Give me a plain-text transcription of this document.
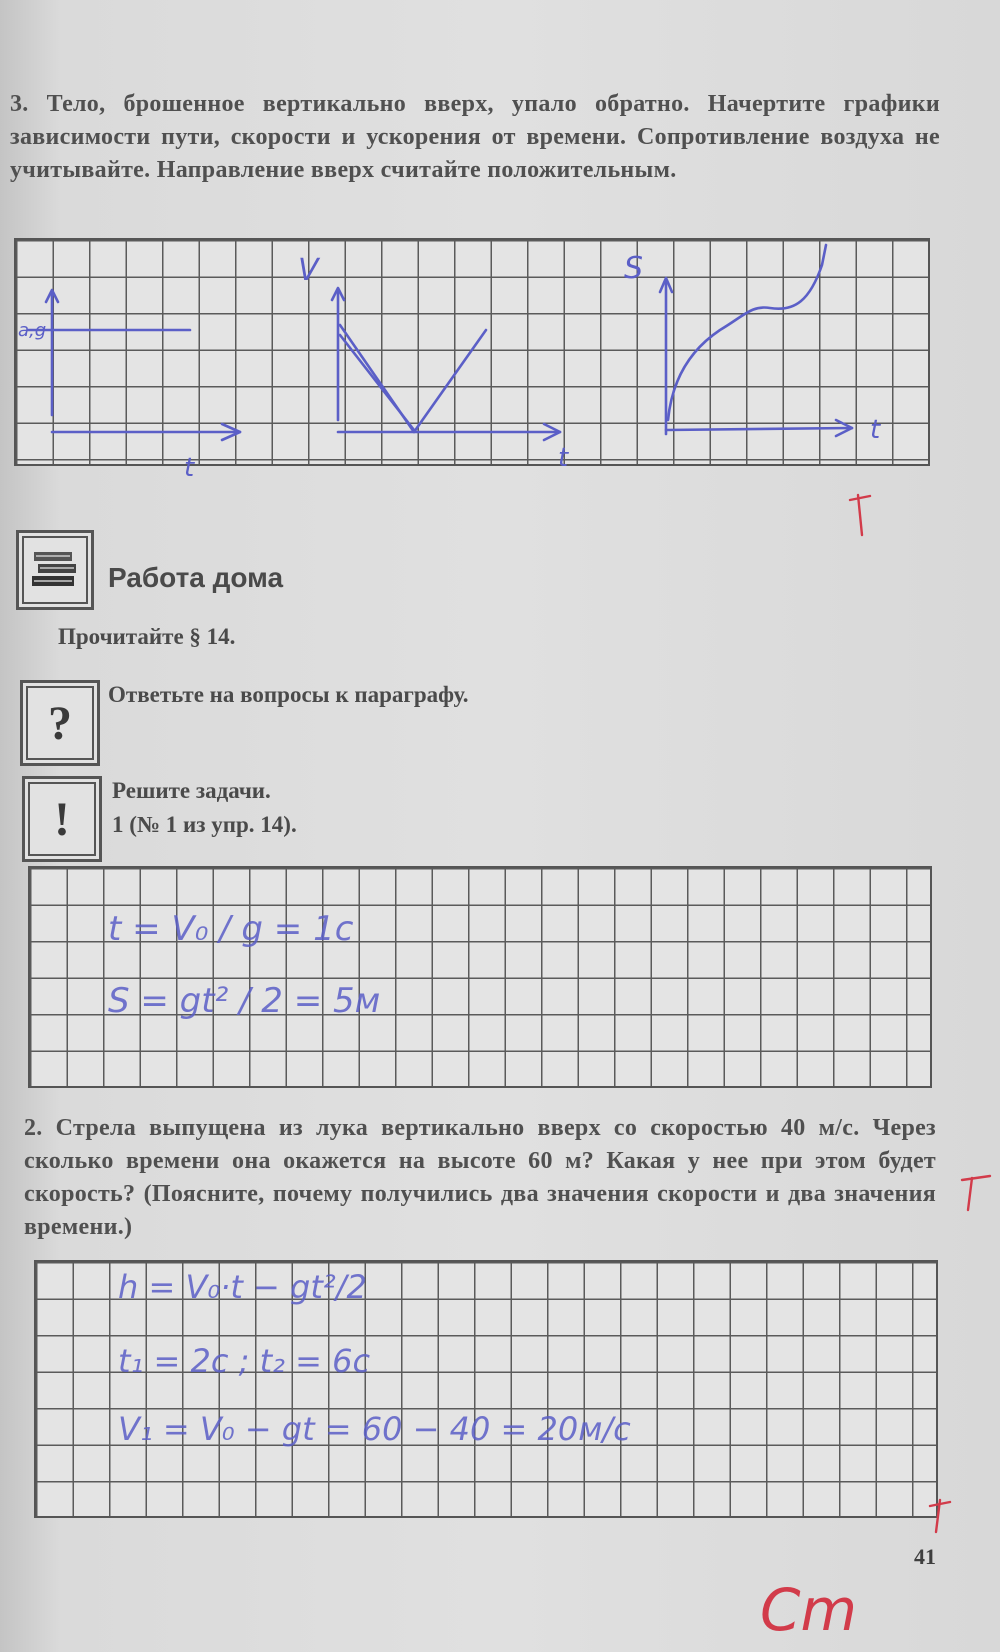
3. Тело, брошенное вертикально вверх, упало обратно. Начертите графики зависимости пути, скорости и ускорения от времени. Сопротивление воздуха не учитывайте. Направление вверх считайте положительным.
Работа дома
Прочитайте § 14.
?
Ответьте на вопросы к параграфу.
!
Решите задачи.
1 (№ 1 из упр. 14).
2. Стрела выпущена из лука вертикально вверх со скоростью 40 м/с. Через сколько времени она окажется на высоте 60 м? Какая у нее при этом будет скорость? (Поясните, почему получились два значения скорости и два значения времени.)
41
a,g
t
V
t
S
t
t = V₀ / g = 1c
S = gt² / 2 = 5м
h = V₀·t − gt²/2
t₁ = 2c ; t₂ = 6c
V₁ = V₀ − gt = 60 − 40 = 20м/c
Cm
